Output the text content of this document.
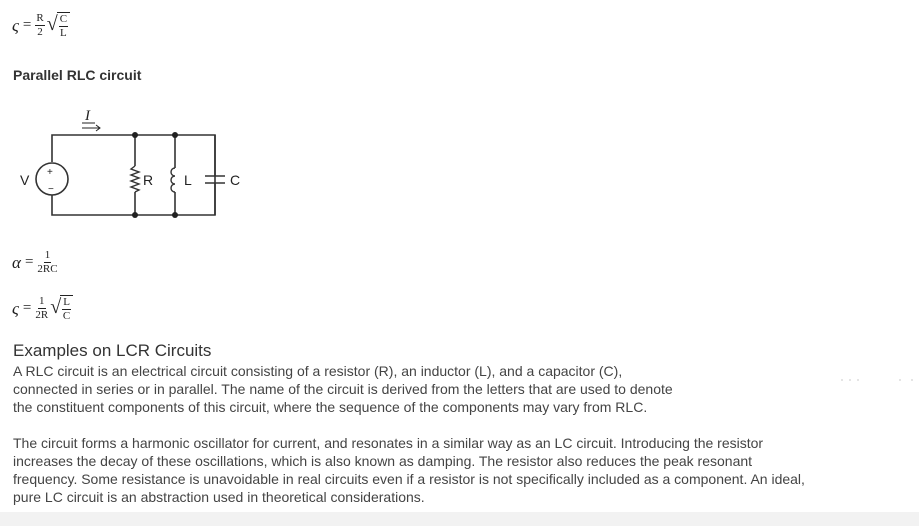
$\varsigma = \frac{R}{2}$ √ $\frac{C}{L}$
Parallel RLC circuit
I
+
−
V	R L	C
$\alpha = \frac{1}{2RC}$
$\varsigma = \frac{1}{2R}$ √ $\frac{L}{C}$
Examples on LCR Circuits

A RLC circuit is an electrical circuit consisting of a resistor (R), an inductor (L), and a capacitor (C),

connected in series or in parallel. The name of the circuit is derived from the letters that are used to denote

the constituent components of this circuit, where the sequence of the components may vary from RLC.

The circuit forms a harmonic oscillator for current, and resonates in a similar way as an LC circuit. Introducing the resistor

increases the decay of these oscillations, which is also known as damping. The resistor also reduces the peak resonant

frequency. Some resistance is unavoidable in real circuits even if a resistor is not specifically included as a component. An ideal,

pure LC circuit is an abstraction used in theoretical considerations.
